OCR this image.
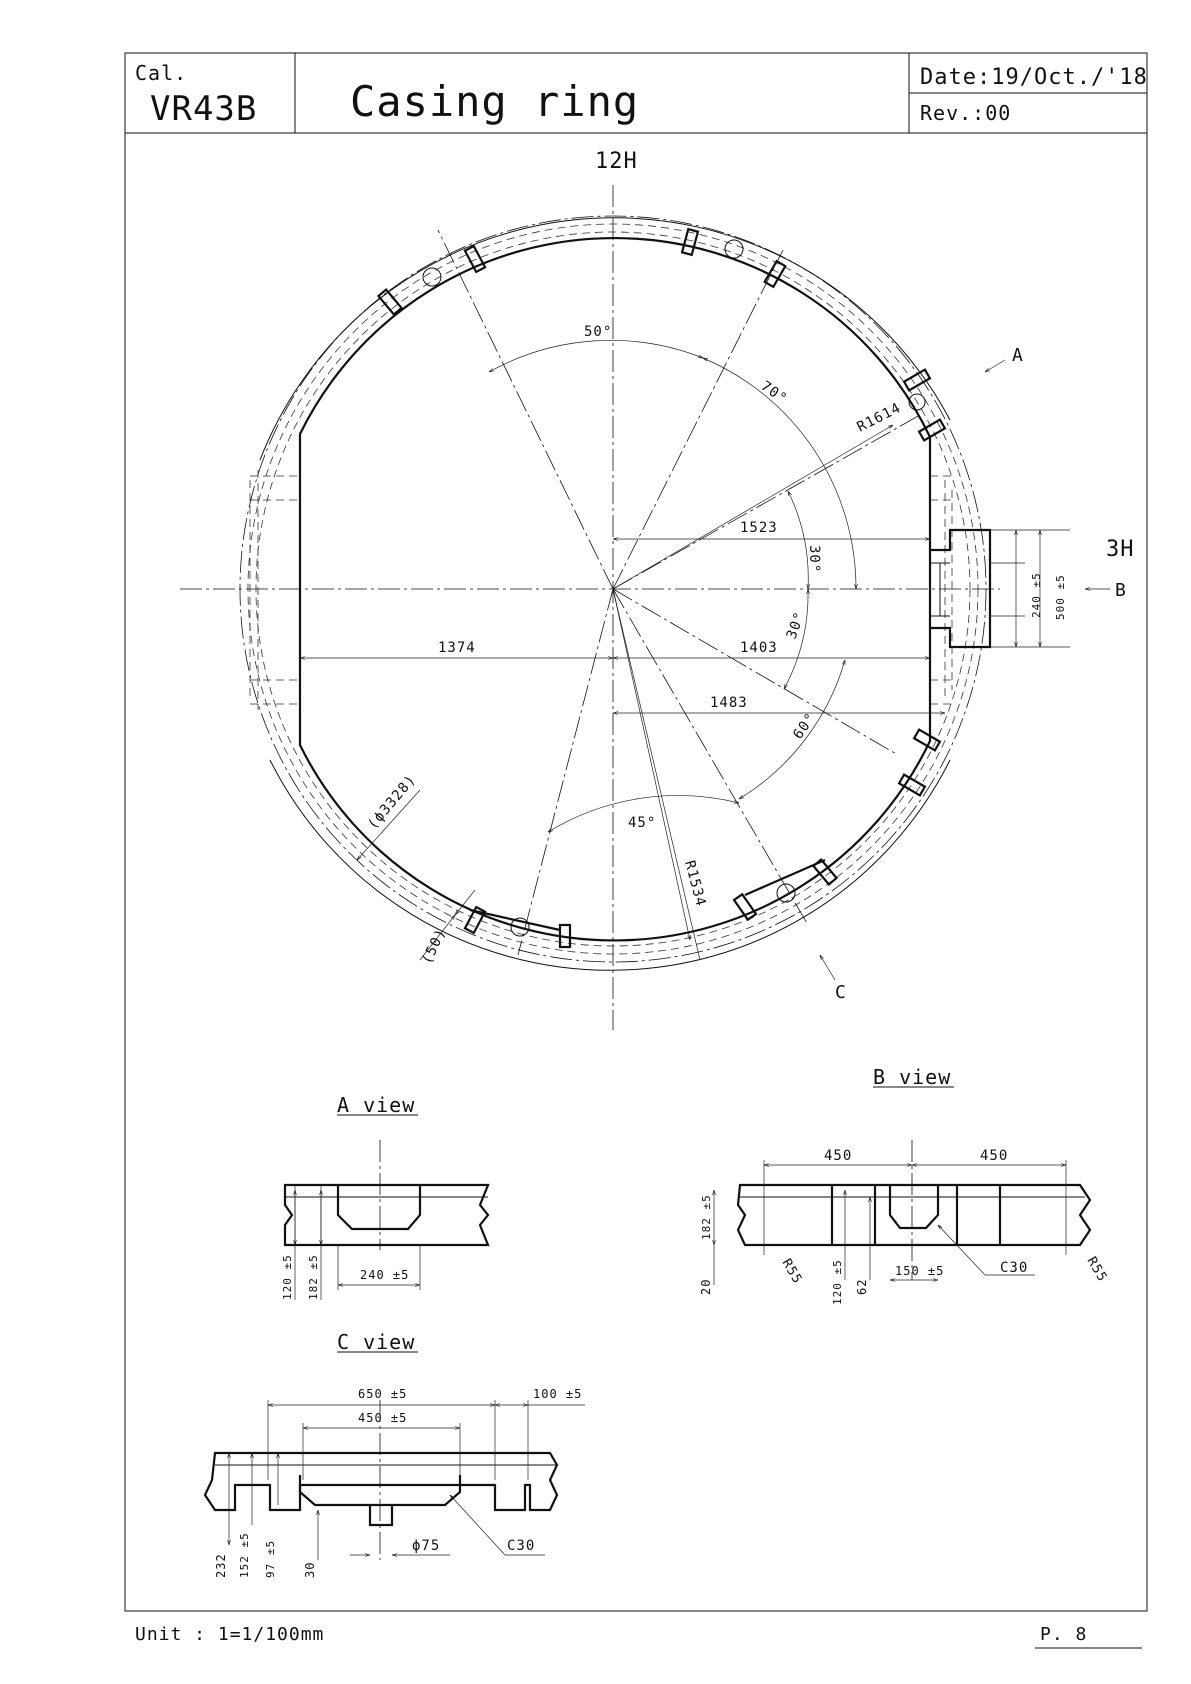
Cal.
VR43B Casing ring	Date:19/Oct./'18
Rev.:00
12H
3H
A
B
C
50°
70°
30°
30°
60°
45°
R1614
R1534
(ϕ3328)
(50)
1523
1374	1403
1483
240 ±5 500 ±5
A view
120 ±5 182 ±5	240 ±5
B view
450	450
182 ±5
20	R55 120 ±5 62
150 ±5	C30	R55
C view
650 ±5	100 ±5
450 ±5
232 152 ±5 97 ±5 30
ϕ75	C30
Unit : 1=1/100mm	P. 8
